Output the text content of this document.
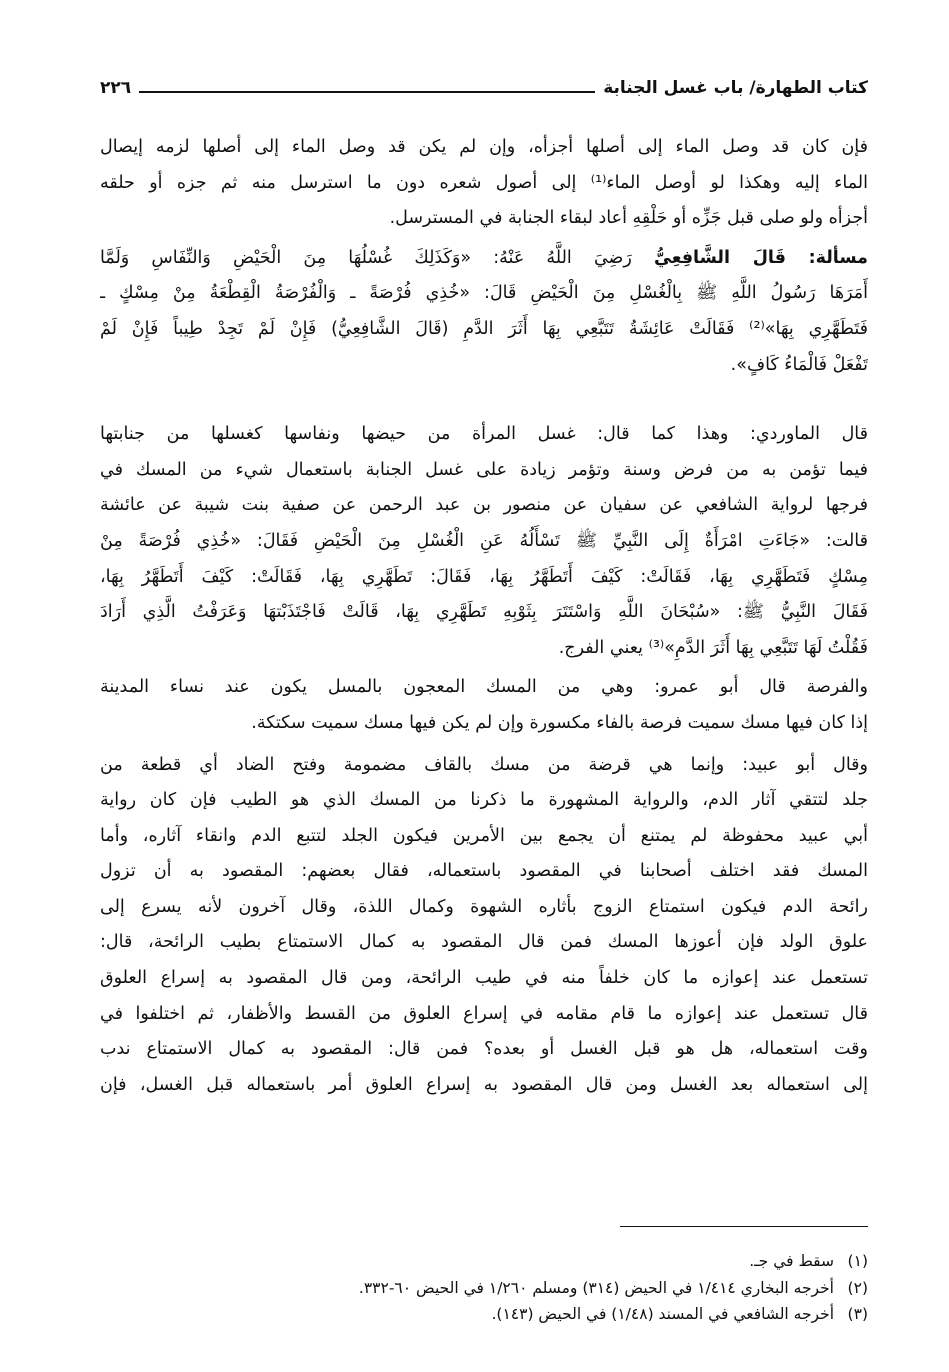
كتاب الطهارة/ باب غسل الجنابة
٢٢٦
فإن كان قد وصل الماء إلى أصلها أجزأه، وإن لم يكن قد وصل الماء إلى أصلها لزمه إيصال
الماء إليه وهكذا لو أوصل الماء⁽¹⁾ إلى أصول شعره دون ما استرسل منه ثم جزه أو حلقه
أجزأه ولو صلى قبل جَزِّه أو حَلْقِهِ أعاد لبقاء الجنابة في المسترسل.
مسألة: قَالَ الشَّافِعِيُّ رَضِيَ اللَّهُ عَنْهُ: «وَكَذَلِكَ غُسْلُهَا مِنَ الْحَيْضِ وَالنِّفَاسِ وَلَمَّا
أَمَرَهَا رَسُولُ اللَّهِ ﷺ بِالْغُسْلِ مِنَ الْحَيْضِ قَالَ: «خُذِي فُرْصَةً ـ وَالْفُرْصَةُ الْقِطْعَةُ مِنْ مِسْكٍ ـ
فَتَطَهَّرِي بِهَا»⁽²⁾ فَقَالَتْ عَائِشَةُ تَتَبَّعِي بِهَا أَثَرَ الدَّمِ (قَالَ الشَّافِعِيُّ) فَإِنْ لَمْ تَجِدْ طِيباً فَإِنْ لَمْ
تَفْعَلْ فَالْمَاءُ كَافٍ».
قال الماوردي: وهذا كما قال: غسل المرأة من حيضها ونفاسها كغسلها من جنابتها
فيما تؤمن به من فرض وسنة وتؤمر زيادة على غسل الجنابة باستعمال شيء من المسك في
فرجها لرواية الشافعي عن سفيان عن منصور بن عبد الرحمن عن صفية بنت شيبة عن عائشة
قالت: «جَاءَتِ امْرَأَةٌ إِلَى النَّبِيِّ ﷺ تَسْأَلُهُ عَنِ الْغُسْلِ مِنَ الْحَيْضِ فَقَالَ: «خُذِي فُرْصَةً مِنْ
مِسْكٍ فَتَطَهَّرِي بِهَا، فَقَالَتْ: كَيْفَ أَتَطَهَّرُ بِهَا، فَقَالَ: تَطَهَّرِي بِهَا، فَقَالَتْ: كَيْفَ أَتَطَهَّرُ بِهَا،
فَقَالَ النَّبِيُّ ﷺ: «سُبْحَانَ اللَّهِ وَاسْتَتَرَ بِثَوْبِهِ تَطَهَّرِي بِهَا، قَالَتْ فَاجْتَذَبْتهَا وَعَرَفْتُ الَّذِي أَرَادَ
فَقُلْتُ لَهَا تَتَبَّعِي بِهَا أَثَرَ الدَّمِ»⁽³⁾ يعني الفرج.
والفرصة قال أبو عمرو: وهي من المسك المعجون بالمسل يكون عند نساء المدينة
إذا كان فيها مسك سميت فرصة بالفاء مكسورة وإن لم يكن فيها مسك سميت سكتكة.
وقال أبو عبيد: وإنما هي قرضة من مسك بالقاف مضمومة وفتح الضاد أي قطعة من
جلد لتتقي آثار الدم، والرواية المشهورة ما ذكرنا من المسك الذي هو الطيب فإن كان رواية
أبي عبيد محفوظة لم يمتنع أن يجمع بين الأمرين فيكون الجلد لتتبع الدم وانقاء آثاره، وأما
المسك فقد اختلف أصحابنا في المقصود باستعماله، فقال بعضهم: المقصود به أن تزول
رائحة الدم فيكون استمتاع الزوج بأثاره الشهوة وكمال اللذة، وقال آخرون لأنه يسرع إلى
علوق الولد فإن أعوزها المسك فمن قال المقصود به كمال الاستمتاع بطيب الرائحة، قال:
تستعمل عند إعوازه ما كان خلفاً منه في طيب الرائحة، ومن قال المقصود به إسراع العلوق
قال تستعمل عند إعوازه ما قام مقامه في إسراع العلوق من القسط والأظفار، ثم اختلفوا في
وقت استعماله، هل هو قبل الغسل أو بعده؟ فمن قال: المقصود به كمال الاستمتاع ندب
إلى استعماله بعد الغسل ومن قال المقصود به إسراع العلوق أمر باستعماله قبل الغسل، فإن
(١)سقط في جـ.
(٢)أخرجه البخاري ١/٤١٤ في الحيض (٣١٤) ومسلم ١/٢٦٠ في الحيض ٦٠-٣٣٢.
(٣)أخرجه الشافعي في المسند (١/٤٨) في الحيض (١٤٣).
